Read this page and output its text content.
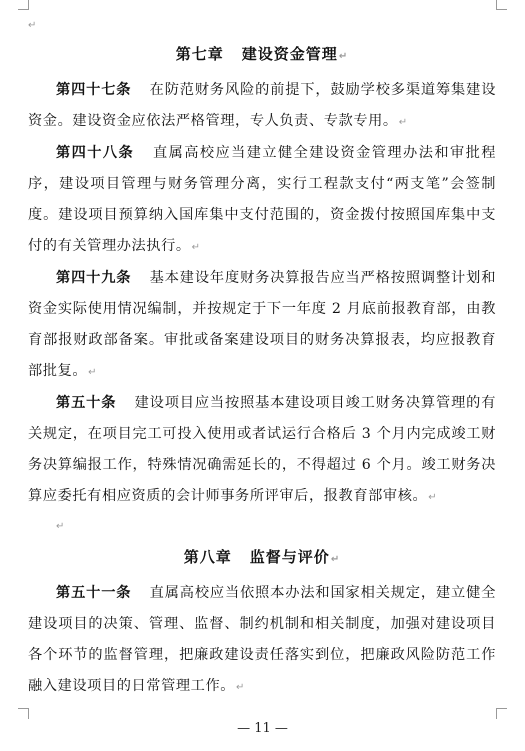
↵
第七章 建设资金管理↵

第四十七条 在防范财务风险的前提下，鼓励学校多渠道筹集建设资金。建设资金应依法严格管理，专人负责、专款专用。↵

第四十八条 直属高校应当建立健全建设资金管理办法和审批程序，建设项目管理与财务管理分离，实行工程款支付“两支笔”会签制度。建设项目预算纳入国库集中支付范围的，资金拨付按照国库集中支付的有关管理办法执行。↵

第四十九条 基本建设年度财务决算报告应当严格按照调整计划和资金实际使用情况编制，并按规定于下一年度 2 月底前报教育部，由教育部报财政部备案。审批或备案建设项目的财务决算报表，均应报教育部批复。↵

第五十条 建设项目应当按照基本建设项目竣工财务决算管理的有关规定，在项目完工可投入使用或者试运行合格后 3 个月内完成竣工财务决算编报工作，特殊情况确需延长的，不得超过 6 个月。竣工财务决算应委托有相应资质的会计师事务所评审后，报教育部审核。↵

↵
第八章 监督与评价↵

第五十一条 直属高校应当依照本办法和国家相关规定，建立健全建设项目的决策、管理、监督、制约机制和相关制度，加强对建设项目各个环节的监督管理，把廉政建设责任落实到位，把廉政风险防范工作融入建设项目的日常管理工作。↵

— 11 —
